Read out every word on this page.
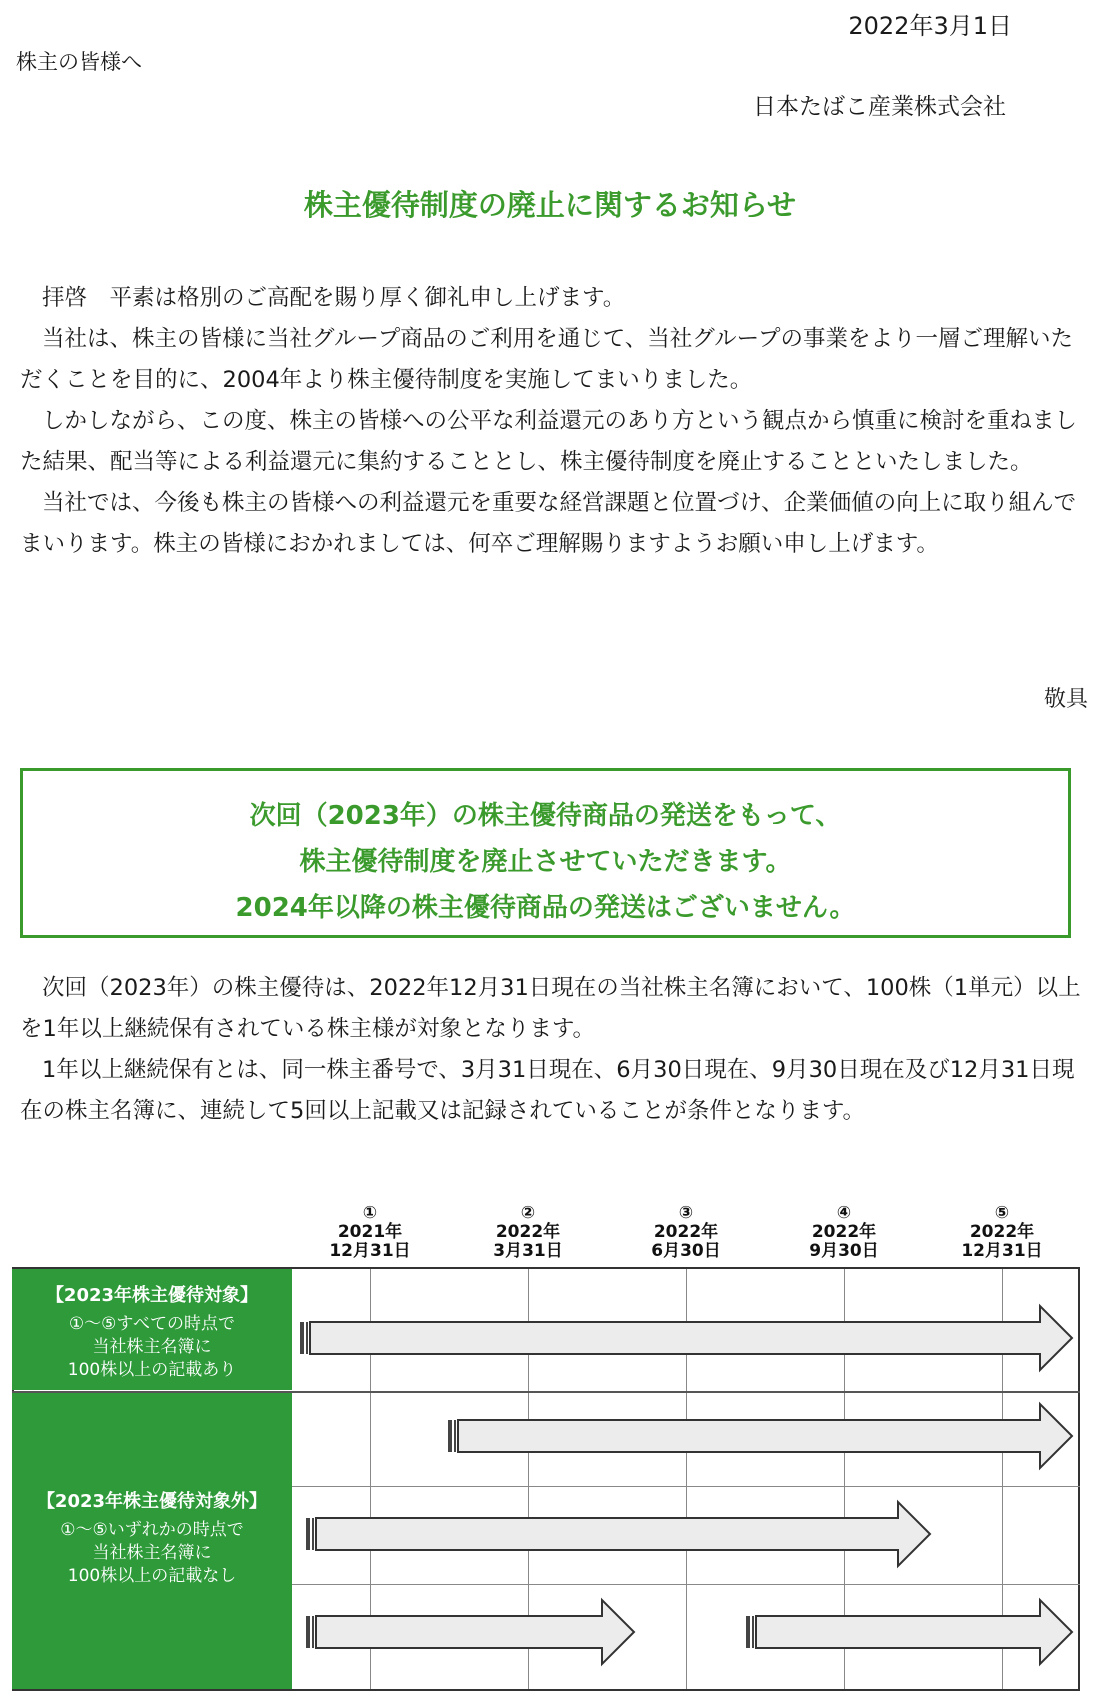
2022年3月1日
株主の皆様へ
日本たばこ産業株式会社
株主優待制度の廃止に関するお知らせ

拝啓　平素は格別のご高配を賜り厚く御礼申し上げます。

当社は、株主の皆様に当社グループ商品のご利用を通じて、当社グループの事業をより一層ご理解いただくことを目的に、2004年より株主優待制度を実施してまいりました。

しかしながら、この度、株主の皆様への公平な利益還元のあり方という観点から慎重に検討を重ねました結果、配当等による利益還元に集約することとし、株主優待制度を廃止することといたしました。

当社では、今後も株主の皆様への利益還元を重要な経営課題と位置づけ、企業価値の向上に取り組んでまいります。株主の皆様におかれましては、何卒ご理解賜りますようお願い申し上げます。

敬具
次回（2023年）の株主優待商品の発送をもって、
株主優待制度を廃止させていただきます。
2024年以降の株主優待商品の発送はございません。

次回（2023年）の株主優待は、2022年12月31日現在の当社株主名簿において、100株（1単元）以上を1年以上継続保有されている株主様が対象となります。

1年以上継続保有とは、同一株主番号で、3月31日現在、6月30日現在、9月30日現在及び12月31日現在の株主名簿に、連続して5回以上記載又は記録されていることが条件となります。

①
2021年
12月31日
②
2022年
3月31日
③
2022年
6月30日
④
2022年
9月30日
⑤
2022年
12月31日
【2023年株主優待対象】
①～⑤すべての時点で
当社株主名簿に
100株以上の記載あり
【2023年株主優待対象外】
①～⑤いずれかの時点で
当社株主名簿に
100株以上の記載なし
